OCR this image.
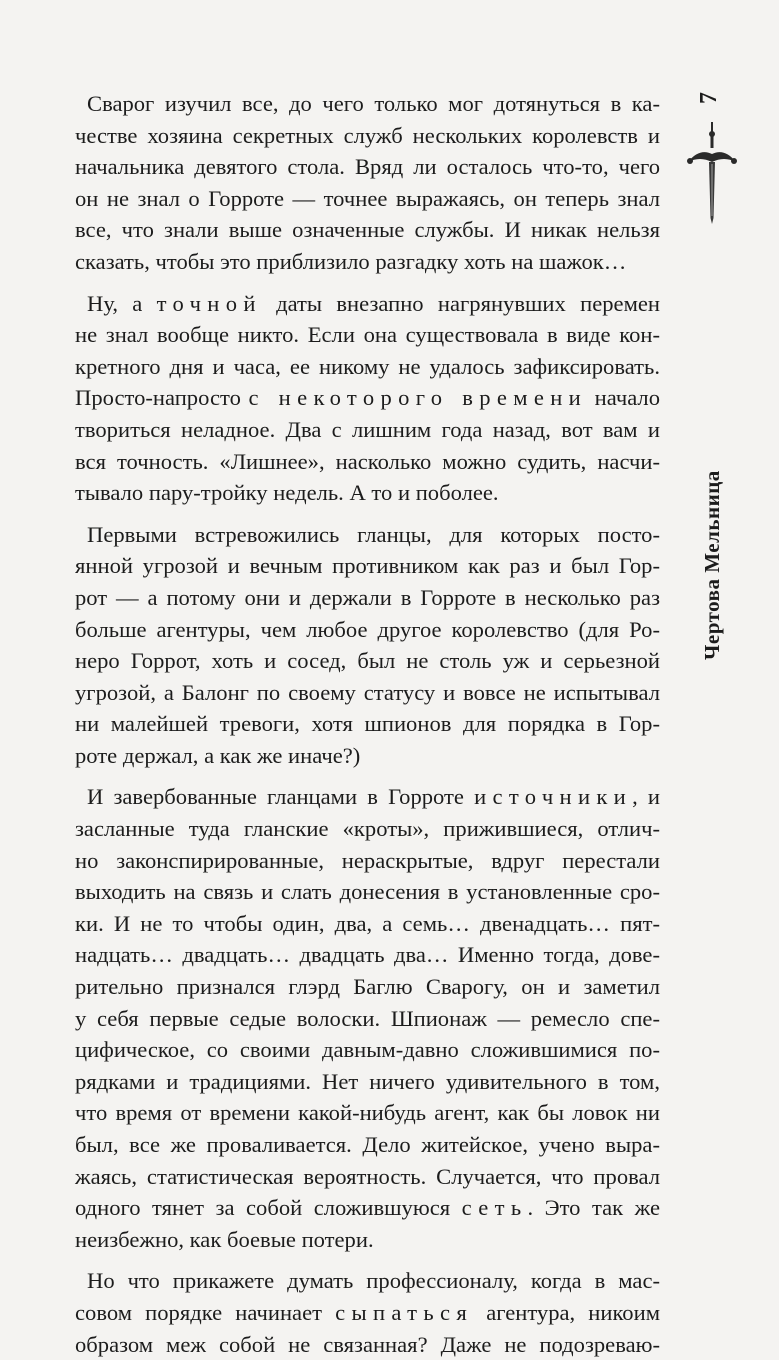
7
Чертова Мельница
Сварог изучил все, до чего только мог дотянуться в ка-
честве хозяина секретных служб нескольких королевств и
начальника девятого стола. Вряд ли осталось что-то, чего
он не знал о Горроте — точнее выражаясь, он теперь знал
все, что знали выше означенные службы. И никак нельзя
сказать, чтобы это приблизило разгадку хоть на шажок…
Ну, а точной даты внезапно нагрянувших перемен
не знал вообще никто. Если она существовала в виде кон-
кретного дня и часа, ее никому не удалось зафиксировать.
Просто-напросто с некоторого времени начало
твориться неладное. Два с лишним года назад, вот вам и
вся точность. «Лишнее», насколько можно судить, насчи-
тывало пару-тройку недель. А то и поболее.
Первыми встревожились гланцы, для которых посто-
янной угрозой и вечным противником как раз и был Гор-
рот — а потому они и держали в Горроте в несколько раз
больше агентуры, чем любое другое королевство (для Ро-
неро Горрот, хоть и сосед, был не столь уж и серьезной
угрозой, а Балонг по своему статусу и вовсе не испытывал
ни малейшей тревоги, хотя шпионов для порядка в Гор-
роте держал, а как же иначе?)
И завербованные гланцами в Горроте источники, и
засланные туда гланские «кроты», прижившиеся, отлич-
но законспирированные, нераскрытые, вдруг перестали
выходить на связь и слать донесения в установленные сро-
ки. И не то чтобы один, два, а семь… двенадцать… пят-
надцать… двадцать… двадцать два… Именно тогда, дове-
рительно признался глэрд Баглю Сварогу, он и заметил
у себя первые седые волоски. Шпионаж — ремесло спе-
цифическое, со своими давным-давно сложившимися по-
рядками и традициями. Нет ничего удивительного в том,
что время от времени какой-нибудь агент, как бы ловок ни
был, все же проваливается. Дело житейское, учено выра-
жаясь, статистическая вероятность. Случается, что провал
одного тянет за собой сложившуюся сеть. Это так же
неизбежно, как боевые потери.
Но что прикажете думать профессионалу, когда в мас-
совом порядке начинает сыпаться агентура, никоим
образом меж собой не связанная? Даже не подозреваю-
